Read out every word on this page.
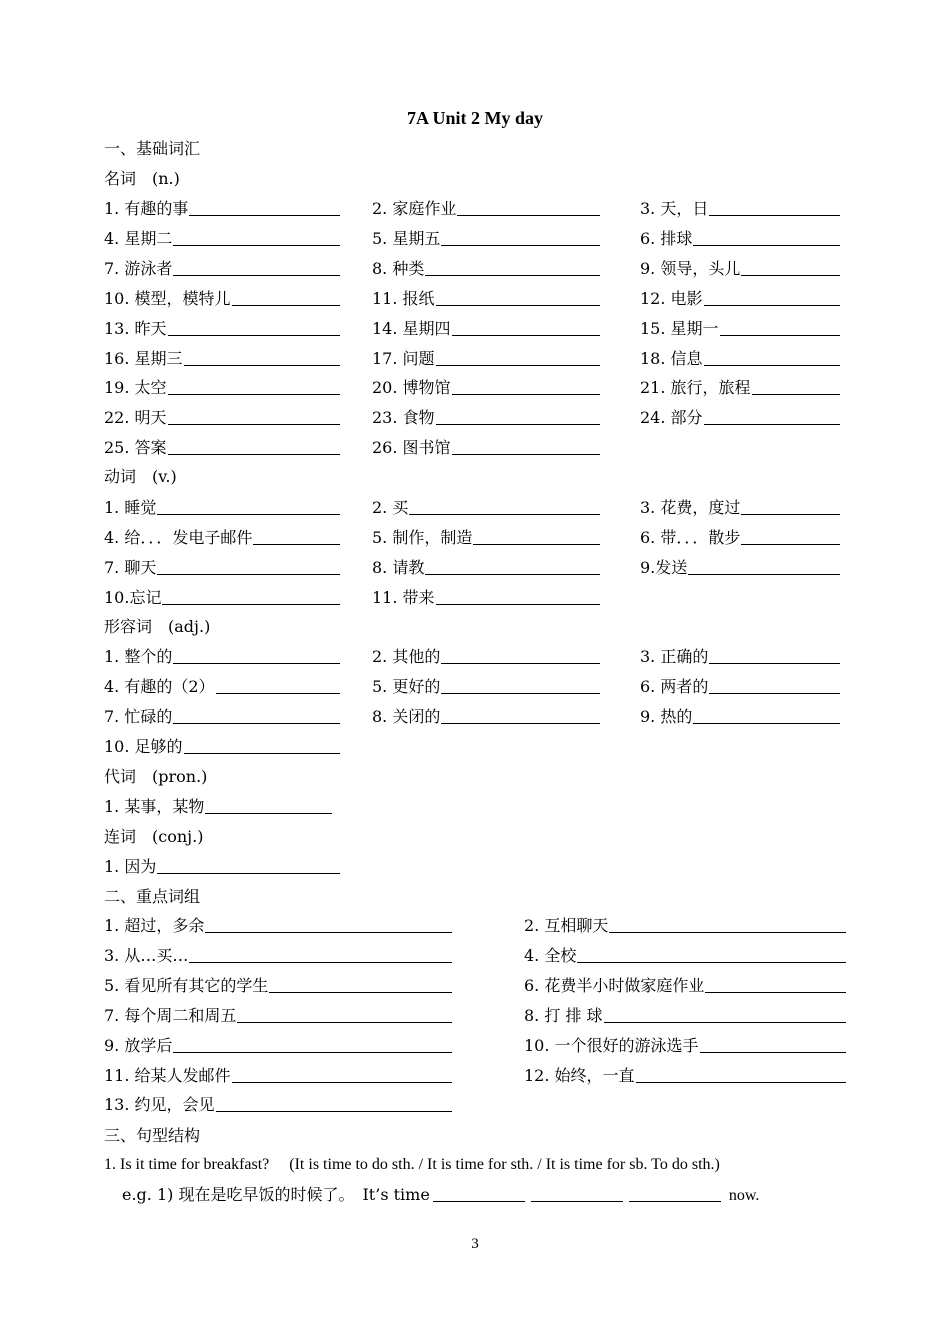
7A Unit 2 My day
一、基础词汇
名词　(n.)
1. 有趣的事	2. 家庭作业	3. 天，日
4. 星期二	5. 星期五	6. 排球
7. 游泳者	8. 种类	9. 领导，头儿
10. 模型，模特儿	11. 报纸	12. 电影
13. 昨天	14. 星期四	15. 星期一
16. 星期三	17. 问题	18. 信息
19. 太空	20. 博物馆	21. 旅行，旅程
22. 明天	23. 食物	24. 部分
25. 答案	26. 图书馆
动词　(v.)
1. 睡觉	2. 买	3. 花费，度过
4. 给．．．发电子邮件	5. 制作，制造	6. 带．．．散步
7. 聊天	8. 请教	9.发送
10.忘记	11. 带来
形容词　(adj.)
1. 整个的	2. 其他的	3. 正确的
4. 有趣的（2）	5. 更好的	6. 两者的
7. 忙碌的	8. 关闭的	9. 热的
10. 足够的
代词　(pron.)
1. 某事，某物
连词　(conj.)
1. 因为
二、重点词组
1. 超过，多余	2. 互相聊天
3. 从…买…	4. 全校
5. 看见所有其它的学生	6. 花费半小时做家庭作业
7. 每个周二和周五	8. 打 排 球
9. 放学后	10. 一个很好的游泳选手
11. 给某人发邮件	12. 始终，一直
13. 约见，会见
三、句型结构
1. Is it time for breakfast?　 (It is time to do sth. / It is time for sth. / It is time for sb. To do sth.)
e.g. 1) 现在是吃早饭的时候了。　It’s time	now.
3
